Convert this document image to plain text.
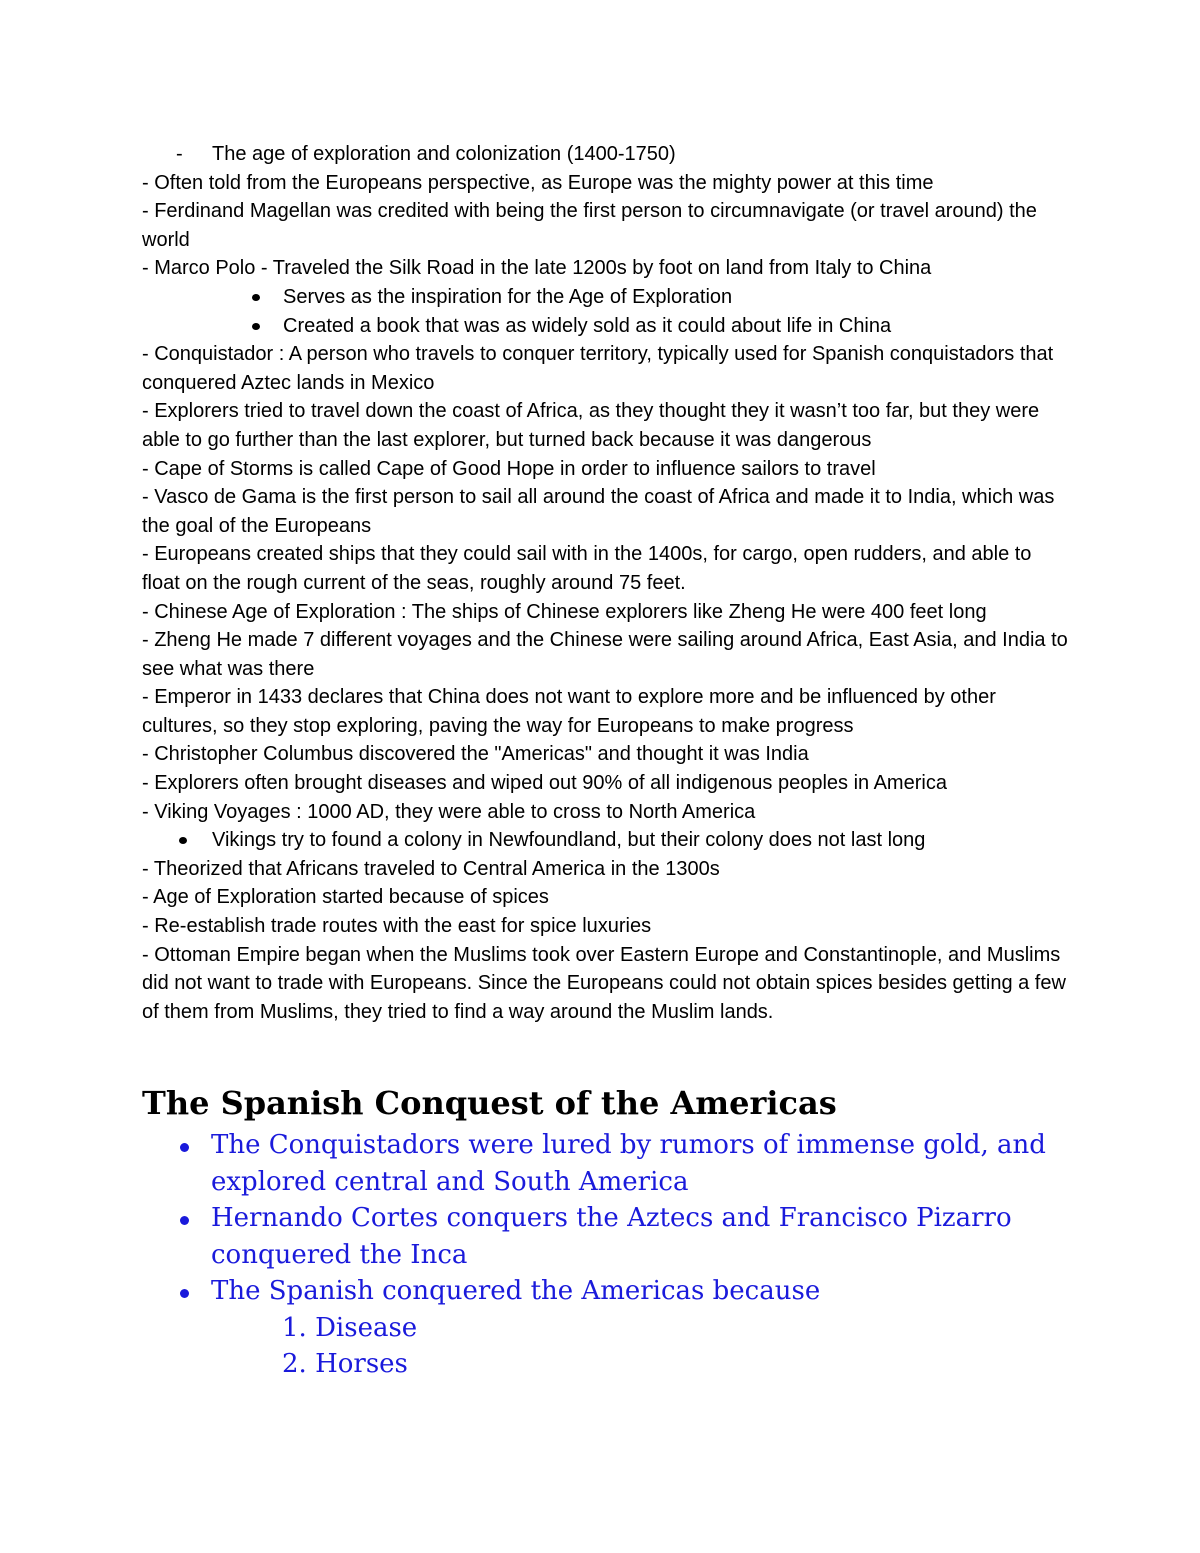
- The age of exploration and colonization (1400-1750)

- Often told from the Europeans perspective, as Europe was the mighty power at this time

- Ferdinand Magellan was credited with being the first person to circumnavigate (or travel around) the world

- Marco Polo - Traveled the Silk Road in the late 1200s by foot on land from Italy to China

Serves as the inspiration for the Age of Exploration
Created a book that was as widely sold as it could about life in China

- Conquistador : A person who travels to conquer territory, typically used for Spanish conquistadors that conquered Aztec lands in Mexico

- Explorers tried to travel down the coast of Africa, as they thought they it wasn’t too far, but they were able to go further than the last explorer, but turned back because it was dangerous

- Cape of Storms is called Cape of Good Hope in order to influence sailors to travel

- Vasco de Gama is the first person to sail all around the coast of Africa and made it to India, which was the goal of the Europeans

- Europeans created ships that they could sail with in the 1400s, for cargo, open rudders, and able to float on the rough current of the seas, roughly around 75 feet.

- Chinese Age of Exploration : The ships of Chinese explorers like Zheng He were 400 feet long

- Zheng He made 7 different voyages and the Chinese were sailing around Africa, East Asia, and India to see what was there

- Emperor in 1433 declares that China does not want to explore more and be influenced by other cultures, so they stop exploring, paving the way for Europeans to make progress

- Christopher Columbus discovered the "Americas" and thought it was India

- Explorers often brought diseases and wiped out 90% of all indigenous peoples in America

- Viking Voyages : 1000 AD, they were able to cross to North America

Vikings try to found a colony in Newfoundland, but their colony does not last long

- Theorized that Africans traveled to Central America in the 1300s

- Age of Exploration started because of spices

- Re-establish trade routes with the east for spice luxuries

- Ottoman Empire began when the Muslims took over Eastern Europe and Constantinople, and Muslims did not want to trade with Europeans. Since the Europeans could not obtain spices besides getting a few of them from Muslims, they tried to find a way around the Muslim lands.

The Spanish Conquest of the Americas
The Conquistadors were lured by rumors of immense gold, and explored central and South America
Hernando Cortes conquers the Aztecs and Francisco Pizarro conquered the Inca
The Spanish conquered the Americas because
1. Disease
2. Horses
